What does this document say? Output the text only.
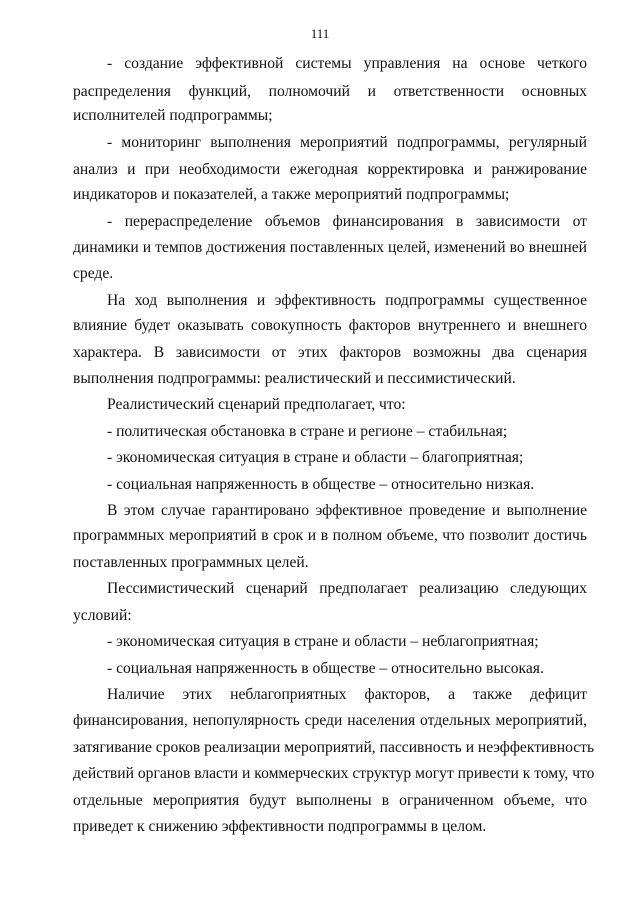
111
- создание эффективной системы управления на основе четкого
распределения функций, полномочий и ответственности основных
исполнителей подпрограммы;
- мониторинг выполнения мероприятий подпрограммы, регулярный
анализ и при необходимости ежегодная корректировка и ранжирование
индикаторов и показателей, а также мероприятий подпрограммы;
- перераспределение объемов финансирования в зависимости от
динамики и темпов достижения поставленных целей, изменений во внешней
среде.
На ход выполнения и эффективность подпрограммы существенное
влияние будет оказывать совокупность факторов внутреннего и внешнего
характера. В зависимости от этих факторов возможны два сценария
выполнения подпрограммы: реалистический и пессимистический.
Реалистический сценарий предполагает, что:
- политическая обстановка в стране и регионе – стабильная;
- экономическая ситуация в стране и области – благоприятная;
- социальная напряженность в обществе – относительно низкая.
В этом случае гарантировано эффективное проведение и выполнение
программных мероприятий в срок и в полном объеме, что позволит достичь
поставленных программных целей.
Пессимистический сценарий предполагает реализацию следующих
условий:
- экономическая ситуация в стране и области – неблагоприятная;
- социальная напряженность в обществе – относительно высокая.
Наличие этих неблагоприятных факторов, а также дефицит
финансирования, непопулярность среди населения отдельных мероприятий,
затягивание сроков реализации мероприятий, пассивность и неэффективность
действий органов власти и коммерческих структур могут привести к тому, что
отдельные мероприятия будут выполнены в ограниченном объеме, что
приведет к снижению эффективности подпрограммы в целом.
